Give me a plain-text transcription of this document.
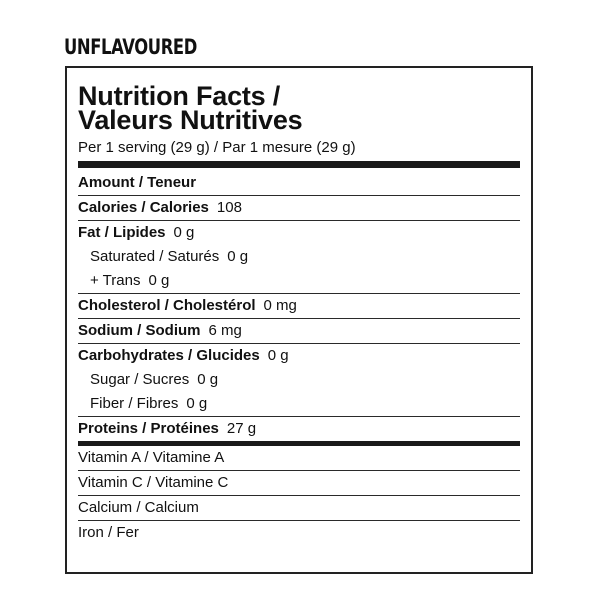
UNFLAVOURED
Nutrition Facts /
Valeurs Nutritives
Per 1 serving (29 g) / Par 1 mesure (29 g)
Amount / Teneur
Calories / Calories 108
Fat / Lipides 0 g
Saturated / Saturés 0 g
+ Trans 0 g
Cholesterol / Cholestérol 0 mg
Sodium / Sodium 6 mg
Carbohydrates / Glucides 0 g
Sugar / Sucres 0 g
Fiber / Fibres 0 g
Proteins / Protéines 27 g
Vitamin A / Vitamine A
Vitamin C / Vitamine C
Calcium / Calcium
Iron / Fer
